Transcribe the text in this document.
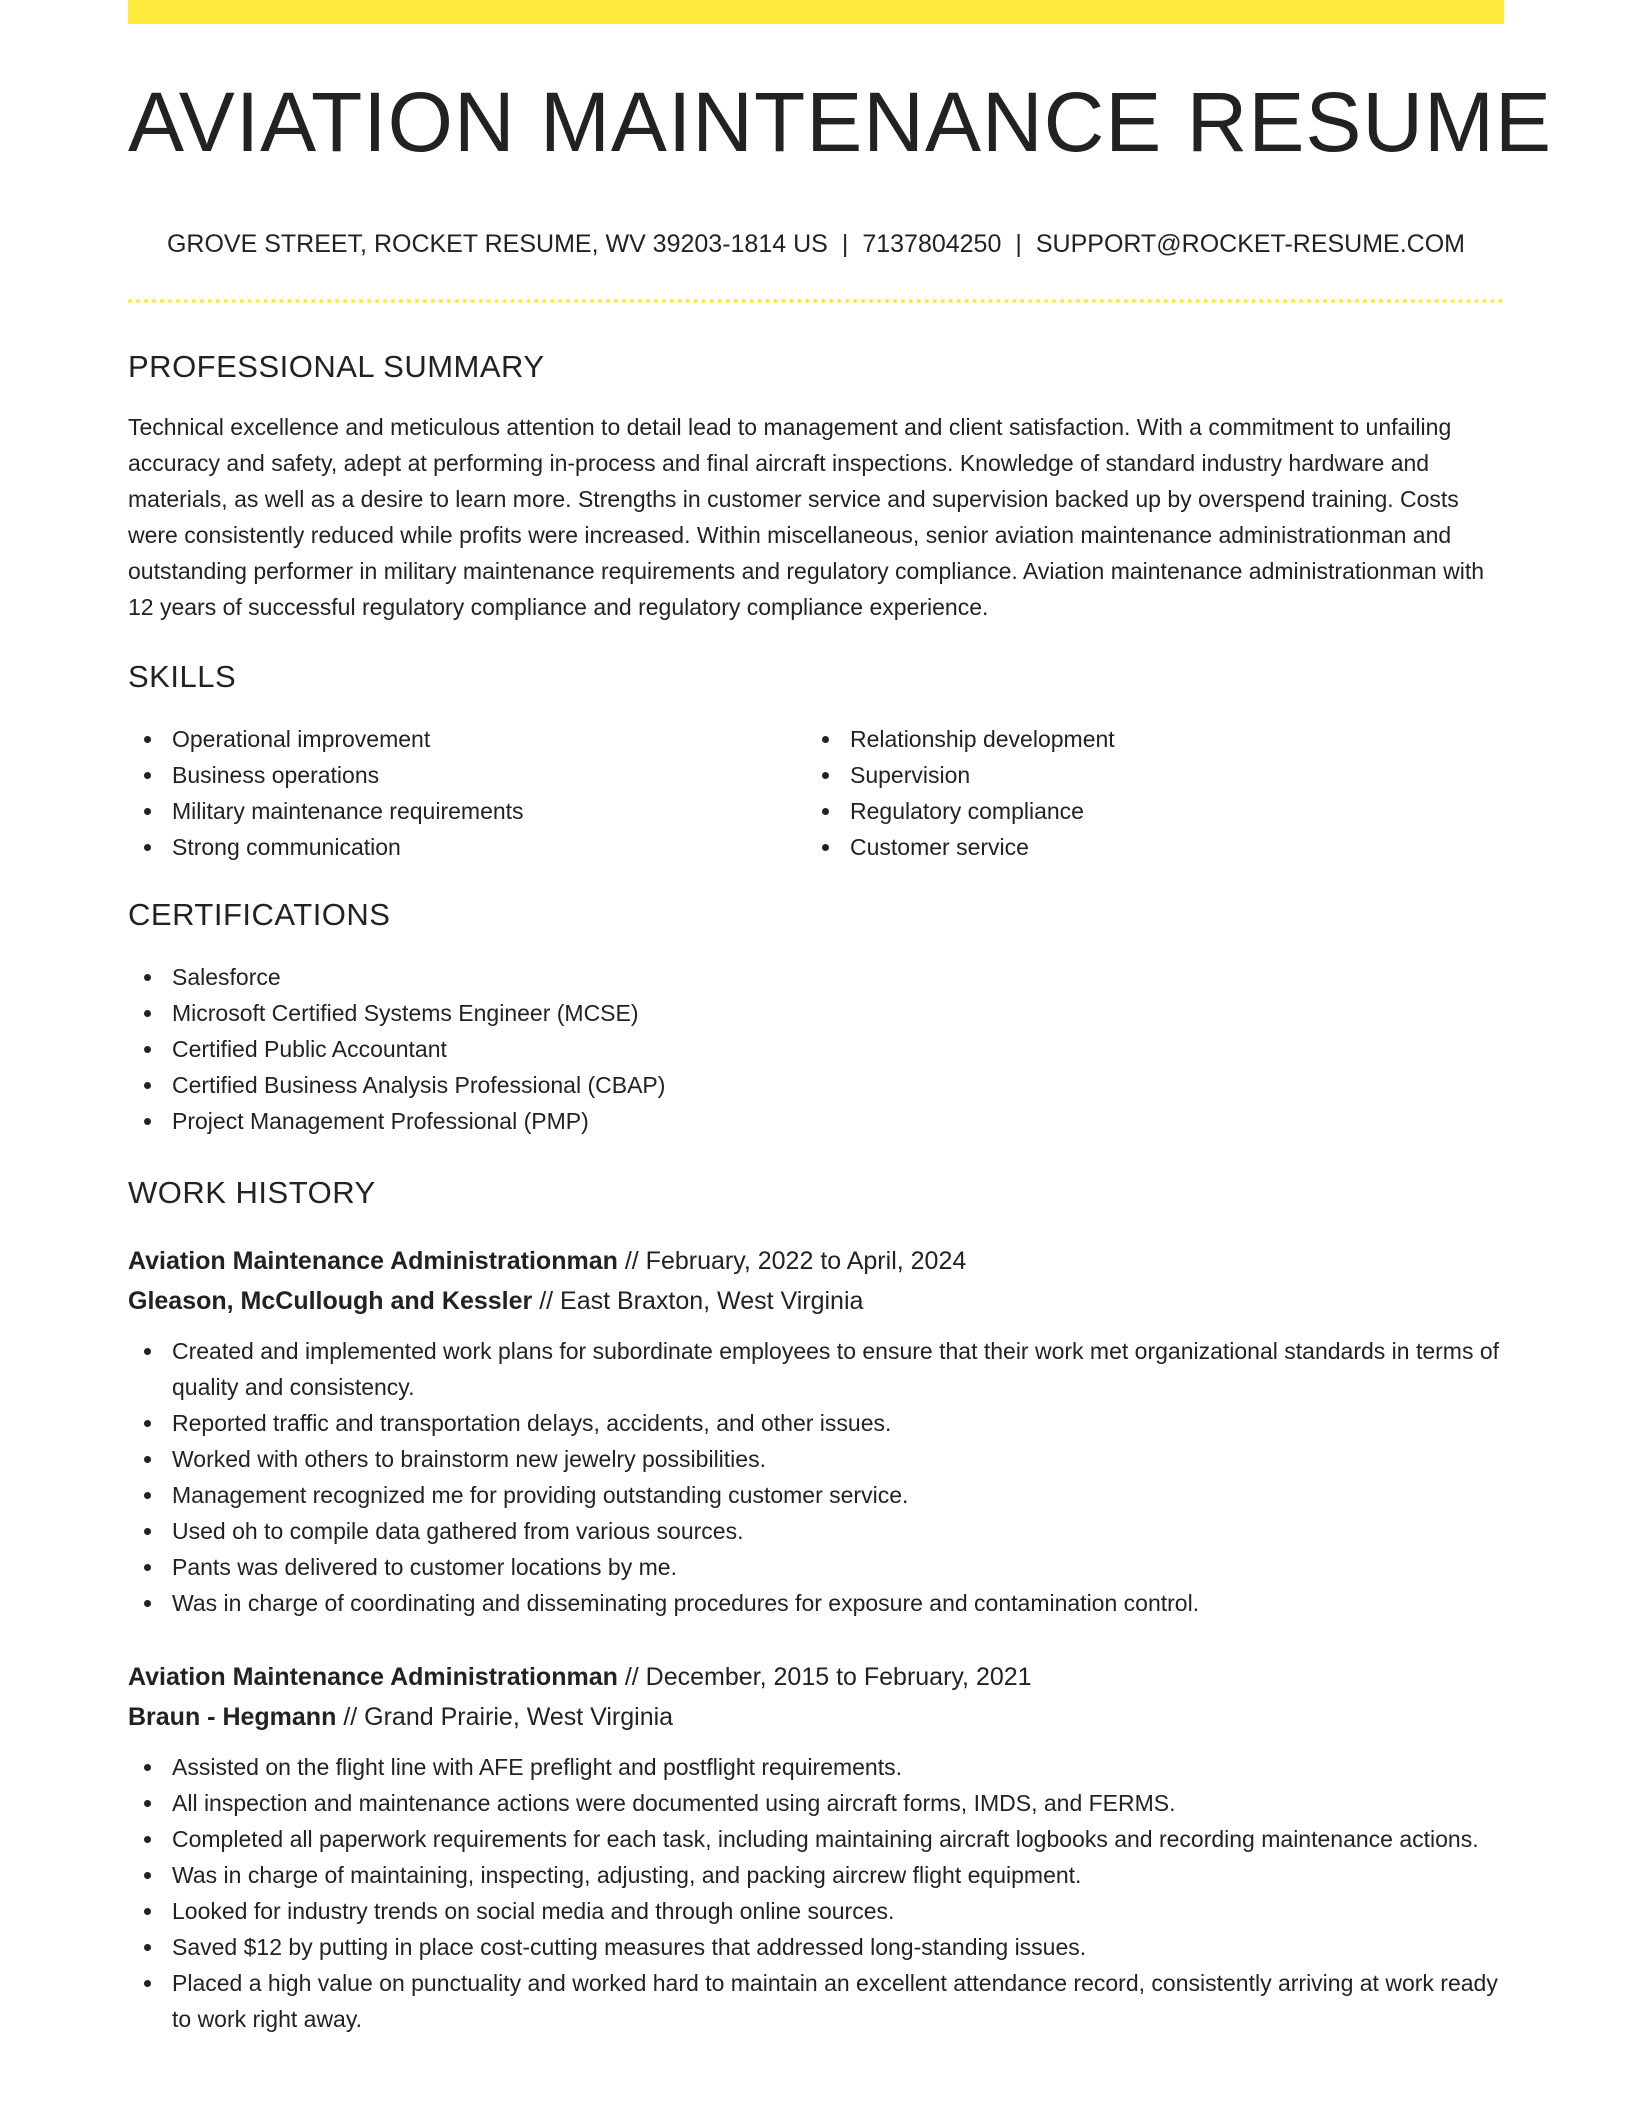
AVIATION MAINTENANCE RESUME
GROVE STREET, ROCKET RESUME, WV 39203-1814 US | 7137804250 | SUPPORT@ROCKET-RESUME.COM
PROFESSIONAL SUMMARY

Technical excellence and meticulous attention to detail lead to management and client satisfaction. With a commitment to unfailing accuracy and safety, adept at performing in-process and final aircraft inspections. Knowledge of standard industry hardware and materials, as well as a desire to learn more. Strengths in customer service and supervision backed up by overspend training. Costs were consistently reduced while profits were increased. Within miscellaneous, senior aviation maintenance administrationman and outstanding performer in military maintenance requirements and regulatory compliance. Aviation maintenance administrationman with 12 years of successful regulatory compliance and regulatory compliance experience.

SKILLS
Operational improvement
Business operations
Military maintenance requirements
Strong communication
Relationship development
Supervision
Regulatory compliance
Customer service
CERTIFICATIONS
Salesforce
Microsoft Certified Systems Engineer (MCSE)
Certified Public Accountant
Certified Business Analysis Professional (CBAP)
Project Management Professional (PMP)
WORK HISTORY
Aviation Maintenance Administrationman // February, 2022 to April, 2024
Gleason, McCullough and Kessler // East Braxton, West Virginia
Created and implemented work plans for subordinate employees to ensure that their work met organizational standards in terms of quality and consistency.
Reported traffic and transportation delays, accidents, and other issues.
Worked with others to brainstorm new jewelry possibilities.
Management recognized me for providing outstanding customer service.
Used oh to compile data gathered from various sources.
Pants was delivered to customer locations by me.
Was in charge of coordinating and disseminating procedures for exposure and contamination control.
Aviation Maintenance Administrationman // December, 2015 to February, 2021
Braun - Hegmann // Grand Prairie, West Virginia
Assisted on the flight line with AFE preflight and postflight requirements.
All inspection and maintenance actions were documented using aircraft forms, IMDS, and FERMS.
Completed all paperwork requirements for each task, including maintaining aircraft logbooks and recording maintenance actions.
Was in charge of maintaining, inspecting, adjusting, and packing aircrew flight equipment.
Looked for industry trends on social media and through online sources.
Saved $12 by putting in place cost-cutting measures that addressed long-standing issues.
Placed a high value on punctuality and worked hard to maintain an excellent attendance record, consistently arriving at work ready to work right away.
